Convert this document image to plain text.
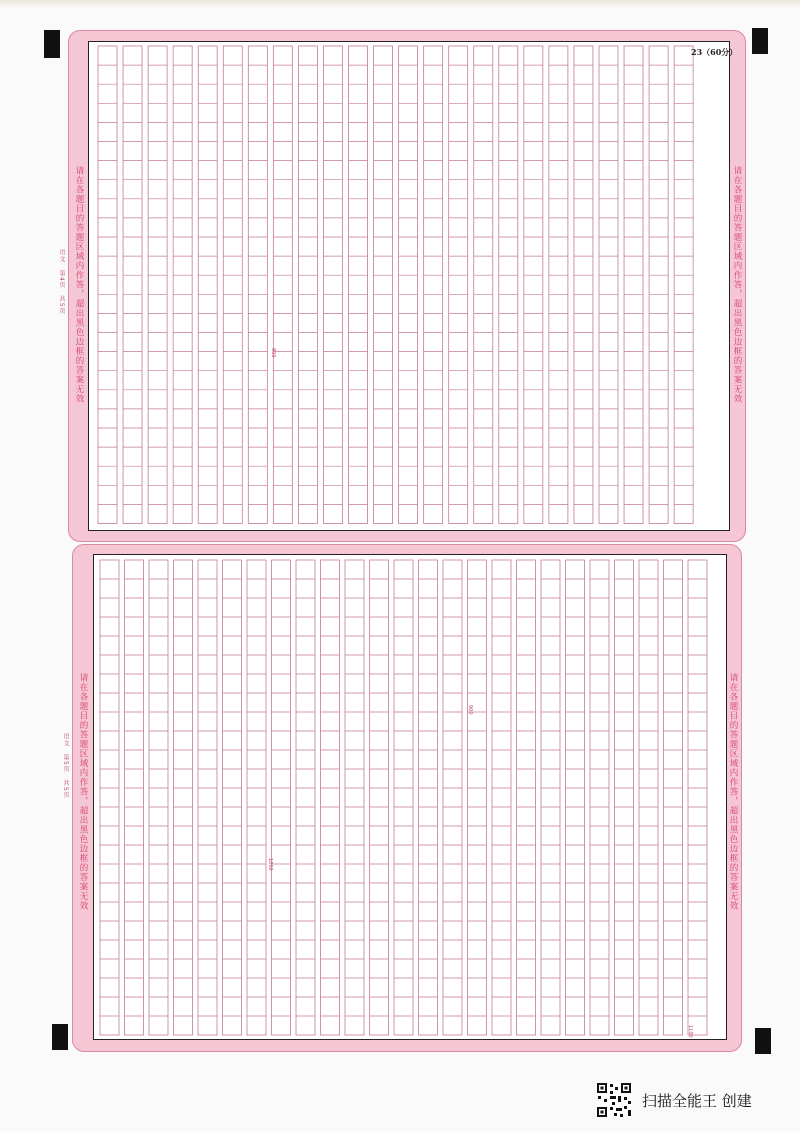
23（60分）
800
请在各题目的答题区域内作答，超出黑色边框的答案无效
语文　第4页　共5页	请在各题目的答题区域内作答，超出黑色边框的答案无效
900
1000
1100
请在各题目的答题区域内作答，超出黑色边框的答案无效
语文　第5页　共5页	请在各题目的答题区域内作答，超出黑色边框的答案无效
扫描全能王 创建
